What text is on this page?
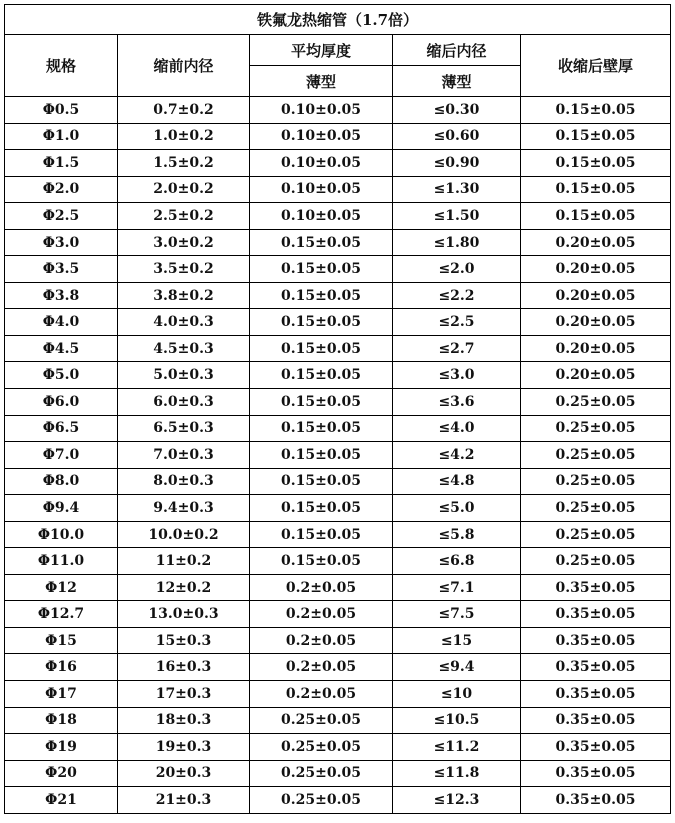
铁氟龙热缩管（1.7倍）				
规格	缩前内径	平均厚度	缩后内径	收缩后壁厚
		薄型	薄型	
Φ0.5	0.7±0.2	0.10±0.05	≤0.30	0.15±0.05
Φ1.0	1.0±0.2	0.10±0.05	≤0.60	0.15±0.05
Φ1.5	1.5±0.2	0.10±0.05	≤0.90	0.15±0.05
Φ2.0	2.0±0.2	0.10±0.05	≤1.30	0.15±0.05
Φ2.5	2.5±0.2	0.10±0.05	≤1.50	0.15±0.05
Φ3.0	3.0±0.2	0.15±0.05	≤1.80	0.20±0.05
Φ3.5	3.5±0.2	0.15±0.05	≤2.0	0.20±0.05
Φ3.8	3.8±0.2	0.15±0.05	≤2.2	0.20±0.05
Φ4.0	4.0±0.3	0.15±0.05	≤2.5	0.20±0.05
Φ4.5	4.5±0.3	0.15±0.05	≤2.7	0.20±0.05
Φ5.0	5.0±0.3	0.15±0.05	≤3.0	0.20±0.05
Φ6.0	6.0±0.3	0.15±0.05	≤3.6	0.25±0.05
Φ6.5	6.5±0.3	0.15±0.05	≤4.0	0.25±0.05
Φ7.0	7.0±0.3	0.15±0.05	≤4.2	0.25±0.05
Φ8.0	8.0±0.3	0.15±0.05	≤4.8	0.25±0.05
Φ9.4	9.4±0.3	0.15±0.05	≤5.0	0.25±0.05
Φ10.0	10.0±0.2	0.15±0.05	≤5.8	0.25±0.05
Φ11.0	11±0.2	0.15±0.05	≤6.8	0.25±0.05
Φ12	12±0.2	0.2±0.05	≤7.1	0.35±0.05
Φ12.7	13.0±0.3	0.2±0.05	≤7.5	0.35±0.05
Φ15	15±0.3	0.2±0.05	≤15	0.35±0.05
Φ16	16±0.3	0.2±0.05	≤9.4	0.35±0.05
Φ17	17±0.3	0.2±0.05	≤10	0.35±0.05
Φ18	18±0.3	0.25±0.05	≤10.5	0.35±0.05
Φ19	19±0.3	0.25±0.05	≤11.2	0.35±0.05
Φ20	20±0.3	0.25±0.05	≤11.8	0.35±0.05
Φ21	21±0.3	0.25±0.05	≤12.3	0.35±0.05
